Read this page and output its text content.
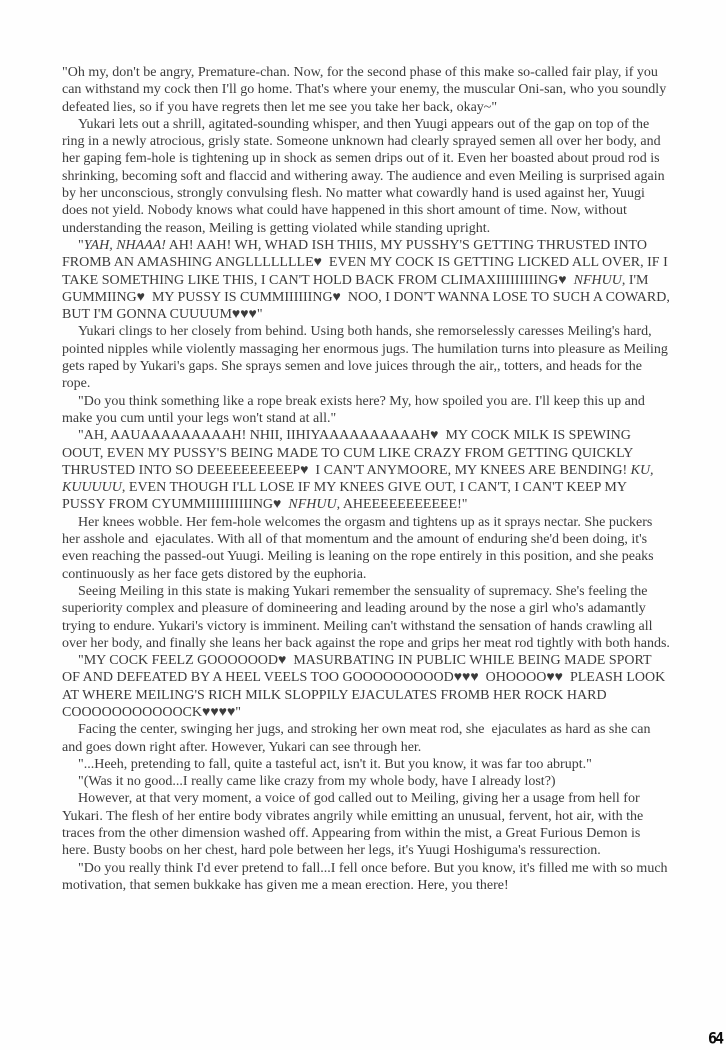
"Oh my, don't be angry, Premature-chan. Now, for the second phase of this make so-called fair play, if you can withstand my cock then I'll go home. That's where your enemy, the muscular Oni-san, who you soundly defeated lies, so if you have regrets then let me see you take her back, okay~"

Yukari lets out a shrill, agitated-sounding whisper, and then Yuugi appears out of the gap on top of the ring in a newly atrocious, grisly state. Someone unknown had clearly sprayed semen all over her body, and her gaping fem-hole is tightening up in shock as semen drips out of it. Even her boasted about proud rod is shrinking, becoming soft and flaccid and withering away. The audience and even Meiling is surprised again by her unconscious, strongly convulsing flesh. No matter what cowardly hand is used against her, Yuugi does not yield. Nobody knows what could have happened in this short amount of time. Now, without understanding the reason, Meiling is getting violated while standing upright.

"YAH, NHAAA! AH! AAH! WH, WHAD ISH THIIS, MY PUSSHY'S GETTING THRUSTED INTO FROMB AN AMASHING ANGLLLLLLLE♥  EVEN MY COCK IS GETTING LICKED ALL OVER, IF I TAKE SOMETHING LIKE THIS, I CAN'T HOLD BACK FROM CLIMAXIIIIIIIIING♥  NFHUU, I'M GUMMIING♥  MY PUSSY IS CUMMIIIIIING♥  NOO, I DON'T WANNA LOSE TO SUCH A COWARD, BUT I'M GONNA CUUUUM♥♥♥"

Yukari clings to her closely from behind. Using both hands, she remorselessly caresses Meiling's hard, pointed nipples while violently massaging her enormous jugs. The humilation turns into pleasure as Meiling gets raped by Yukari's gaps. She sprays semen and love juices through the air,, totters, and heads for the rope.

"Do you think something like a rope break exists here? My, how spoiled you are. I'll keep this up and make you cum until your legs won't stand at all."

"AH, AAUAAAAAAAAAH! NHII, IIHIYAAAAAAAAAAH♥  MY COCK MILK IS SPEWING OOUT, EVEN MY PUSSY'S BEING MADE TO CUM LIKE CRAZY FROM GETTING QUICKLY THRUSTED INTO SO DEEEEEEEEEEP♥  I CAN'T ANYMOORE, MY KNEES ARE BENDING! KU, KUUUUU, EVEN THOUGH I'LL LOSE IF MY KNEES GIVE OUT, I CAN'T, I CAN'T KEEP MY PUSSY FROM CYUMMIIIIIIIIIING♥  NFHUU, AHEEEEEEEEEEE!"

Her knees wobble. Her fem-hole welcomes the orgasm and tightens up as it sprays nectar. She puckers her asshole and  ejaculates. With all of that momentum and the amount of enduring she'd been doing, it's even reaching the passed-out Yuugi. Meiling is leaning on the rope entirely in this position, and she peaks continuously as her face gets distored by the euphoria.

Seeing Meiling in this state is making Yukari remember the sensuality of supremacy. She's feeling the superiority complex and pleasure of domineering and leading around by the nose a girl who's adamantly trying to endure. Yukari's victory is imminent. Meiling can't withstand the sensation of hands crawling all over her body, and finally she leans her back against the rope and grips her meat rod tightly with both hands.

"MY COCK FEELZ GOOOOOOD♥  MASURBATING IN PUBLIC WHILE BEING MADE SPORT OF AND DEFEATED BY A HEEL VEELS TOO GOOOOOOOOOD♥♥♥  OHOOOO♥♥  PLEASH LOOK AT WHERE MEILING'S RICH MILK SLOPPILY EJACULATES FROMB HER ROCK HARD COOOOOOOOOOOCK♥♥♥♥"

Facing the center, swinging her jugs, and stroking her own meat rod, she  ejaculates as hard as she can and goes down right after. However, Yukari can see through her.

"...Heeh, pretending to fall, quite a tasteful act, isn't it. But you know, it was far too abrupt."

"(Was it no good...I really came like crazy from my whole body, have I already lost?)

However, at that very moment, a voice of god called out to Meiling, giving her a usage from hell for Yukari. The flesh of her entire body vibrates angrily while emitting an unusual, fervent, hot air, with the traces from the other dimension washed off. Appearing from within the mist, a Great Furious Demon is here. Busty boobs on her chest, hard pole between her legs, it's Yuugi Hoshiguma's ressurection.

"Do you really think I'd ever pretend to fall...I fell once before. But you know, it's filled me with so much motivation, that semen bukkake has given me a mean erection. Here, you there!

64
